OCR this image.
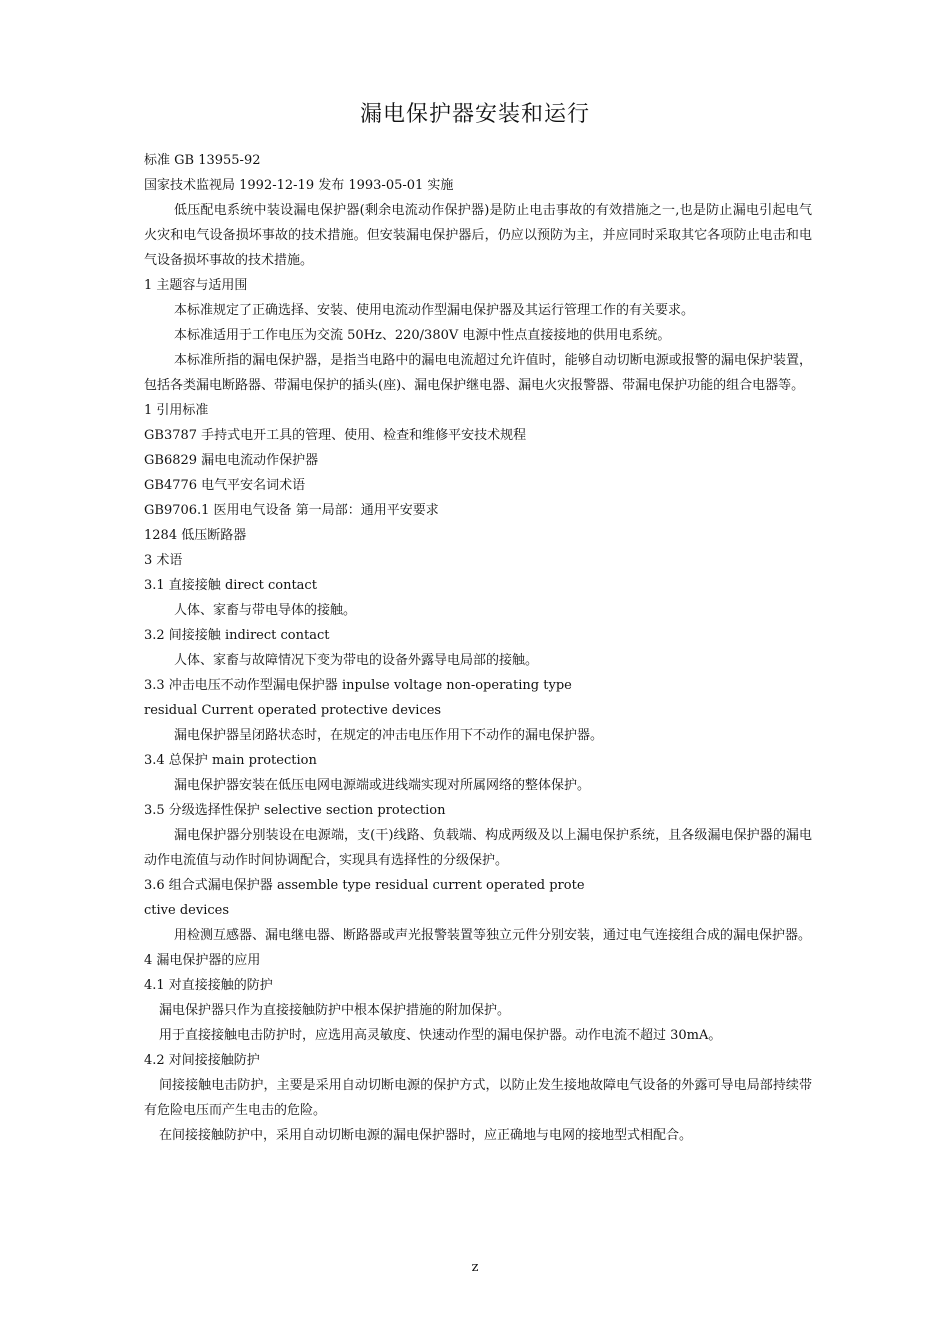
漏电保护器安装和运行
标准 GB 13955-92
国家技术监视局 1992-12-19 发布 1993-05-01 实施
低压配电系统中装设漏电保护器(剩余电流动作保护器)是防止电击事故的有效措施之一,也是防止漏电引起电气火灾和电气设备损坏事故的技术措施。但安装漏电保护器后，仍应以预防为主，并应同时采取其它各项防止电击和电气设备损坏事故的技术措施。
1 主题容与适用围
本标准规定了正确选择、安装、使用电流动作型漏电保护器及其运行管理工作的有关要求。
本标准适用于工作电压为交流 50Hz、220/380V 电源中性点直接接地的供用电系统。
本标准所指的漏电保护器，是指当电路中的漏电电流超过允许值时，能够自动切断电源或报警的漏电保护装置，包括各类漏电断路器、带漏电保护的插头(座)、漏电保护继电器、漏电火灾报警器、带漏电保护功能的组合电器等。
1 引用标准
GB3787 手持式电开工具的管理、使用、检查和维修平安技术规程
GB6829 漏电电流动作保护器
GB4776 电气平安名词术语
GB9706.1 医用电气设备 第一局部：通用平安要求
1284 低压断路器
3 术语
3.1 直接接触 direct contact
人体、家畜与带电导体的接触。
3.2 间接接触 indirect contact
人体、家畜与故障情况下变为带电的设备外露导电局部的接触。
3.3 冲击电压不动作型漏电保护器 inpulse voltage non-operating type
residual Current operated protective devices
漏电保护器呈闭路状态时，在规定的冲击电压作用下不动作的漏电保护器。
3.4 总保护 main protection
漏电保护器安装在低压电网电源端或进线端实现对所属网络的整体保护。
3.5 分级选择性保护 selective section protection
漏电保护器分别装设在电源端，支(干)线路、负载端、构成两级及以上漏电保护系统，且各级漏电保护器的漏电动作电流值与动作时间协调配合，实现具有选择性的分级保护。
3.6 组合式漏电保护器 assemble type residual current operated prote
ctive devices
用检测互感器、漏电继电器、断路器或声光报警装置等独立元件分别安装，通过电气连接组合成的漏电保护器。
4 漏电保护器的应用
4.1 对直接接触的防护
漏电保护器只作为直接接触防护中根本保护措施的附加保护。
用于直接接触电击防护时，应选用高灵敏度、快速动作型的漏电保护器。动作电流不超过 30mA。
4.2 对间接接触防护
间接接触电击防护，主要是采用自动切断电源的保护方式，以防止发生接地故障电气设备的外露可导电局部持续带有危险电压而产生电击的危险。
在间接接触防护中，采用自动切断电源的漏电保护器时，应正确地与电网的接地型式相配合。
z
